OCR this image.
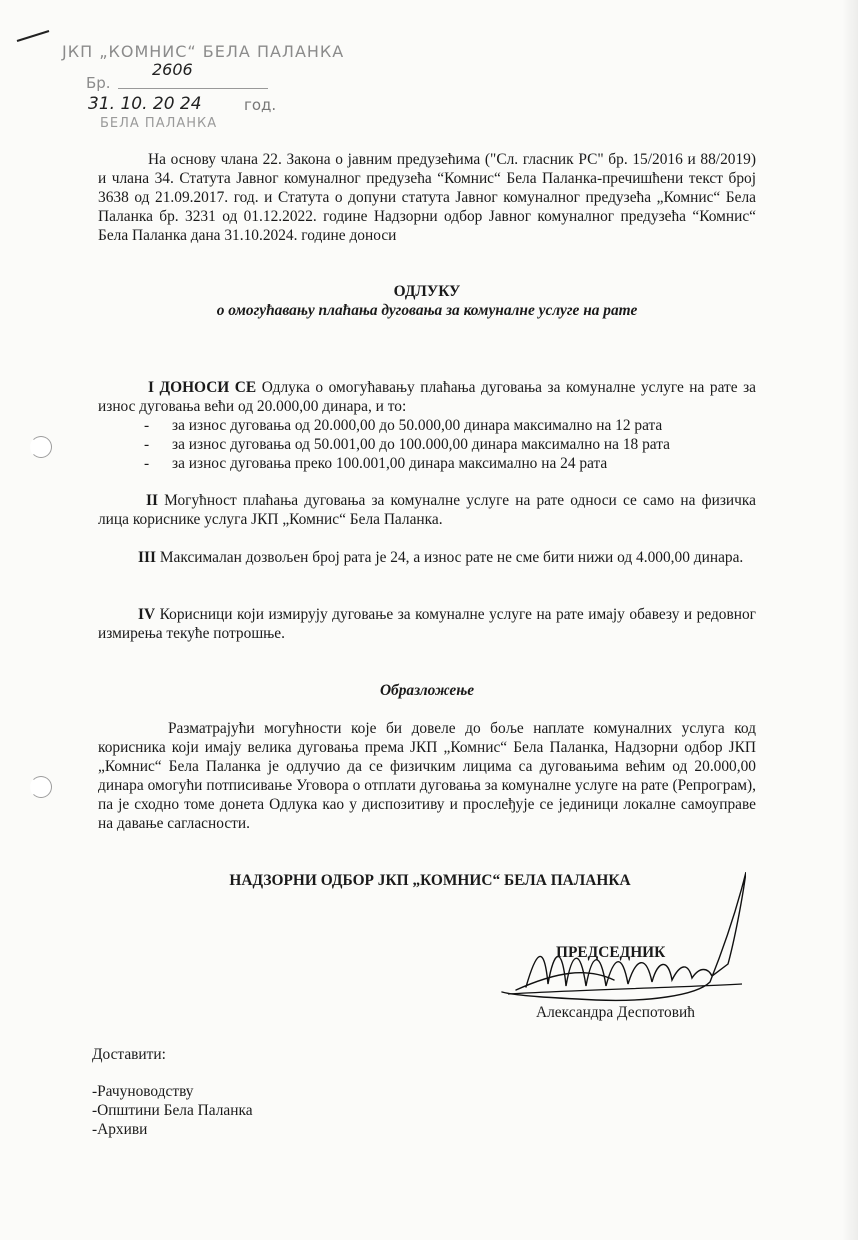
ЈКП „КОМНИС“ БЕЛА ПАЛАНКА
Бр.
2606
31. 10. 20 24	год.
БЕЛА ПАЛАНКА

На основу члана 22. Закона о јавним предузећима ("Сл. гласник РС" бр. 15/2016 и 88/2019) и члана 34. Статута Јавног комуналног предузећа “Комнис“ Бела Паланка-пречишћени текст број 3638 од 21.09.2017. год. и Статута о допуни статута Јавног комуналног предузећа „Комнис“ Бела Паланка бр. 3231 од 01.12.2022. године Надзорни одбор Јавног комуналног предузећа “Комнис“ Бела Паланка дана 31.10.2024. године доноси

ОДЛУКУ
о омогућавању плаћања дуговања за комуналне услуге на рате

I ДОНОСИ СЕ Одлука о омогућавању плаћања дуговања за комуналне услуге на рате за износ дуговања већи од 20.000,00 динара, и то:

- за износ дуговања од 20.000,00 до 50.000,00 динара максимално на 12 рата
- за износ дуговања од 50.001,00 до 100.000,00 динара максимално на 18 рата
- за износ дуговања преко 100.001,00 динара максимално на 24 рата

II Могућност плаћања дуговања за комуналне услуге на рате односи се само на физичка лица кориснике услуга ЈКП „Комнис“ Бела Паланка.

III Максималан дозвољен број рата је 24, а износ рате не сме бити нижи од 4.000,00 динара.

IV Корисници који измирују дуговање за комуналне услуге на рате имају обавезу и редовног измирења текуће потрошње.

Образложење

Разматрајући могућности које би довеле до боље наплате комуналних услуга код корисника који имају велика дуговања према ЈКП „Комнис“ Бела Паланка, Надзорни одбор ЈКП „Комнис“ Бела Паланка је одлучио да се физичким лицима са дуговањима већим од 20.000,00 динара омогући потписивање Уговора о отплати дуговања за комуналне услуге на рате (Репрограм), па је сходно томе донета Одлука као у диспозитиву и прослеђује се јединици локалне самоуправе на давање сагласности.

НАДЗОРНИ ОДБОР ЈКП „КОМНИС“ БЕЛА ПАЛАНКА
ПРЕДСЕДНИК
Александра Деспотовић
Доставити:
-Рачуноводству
-Општини Бела Паланка
-Архиви
